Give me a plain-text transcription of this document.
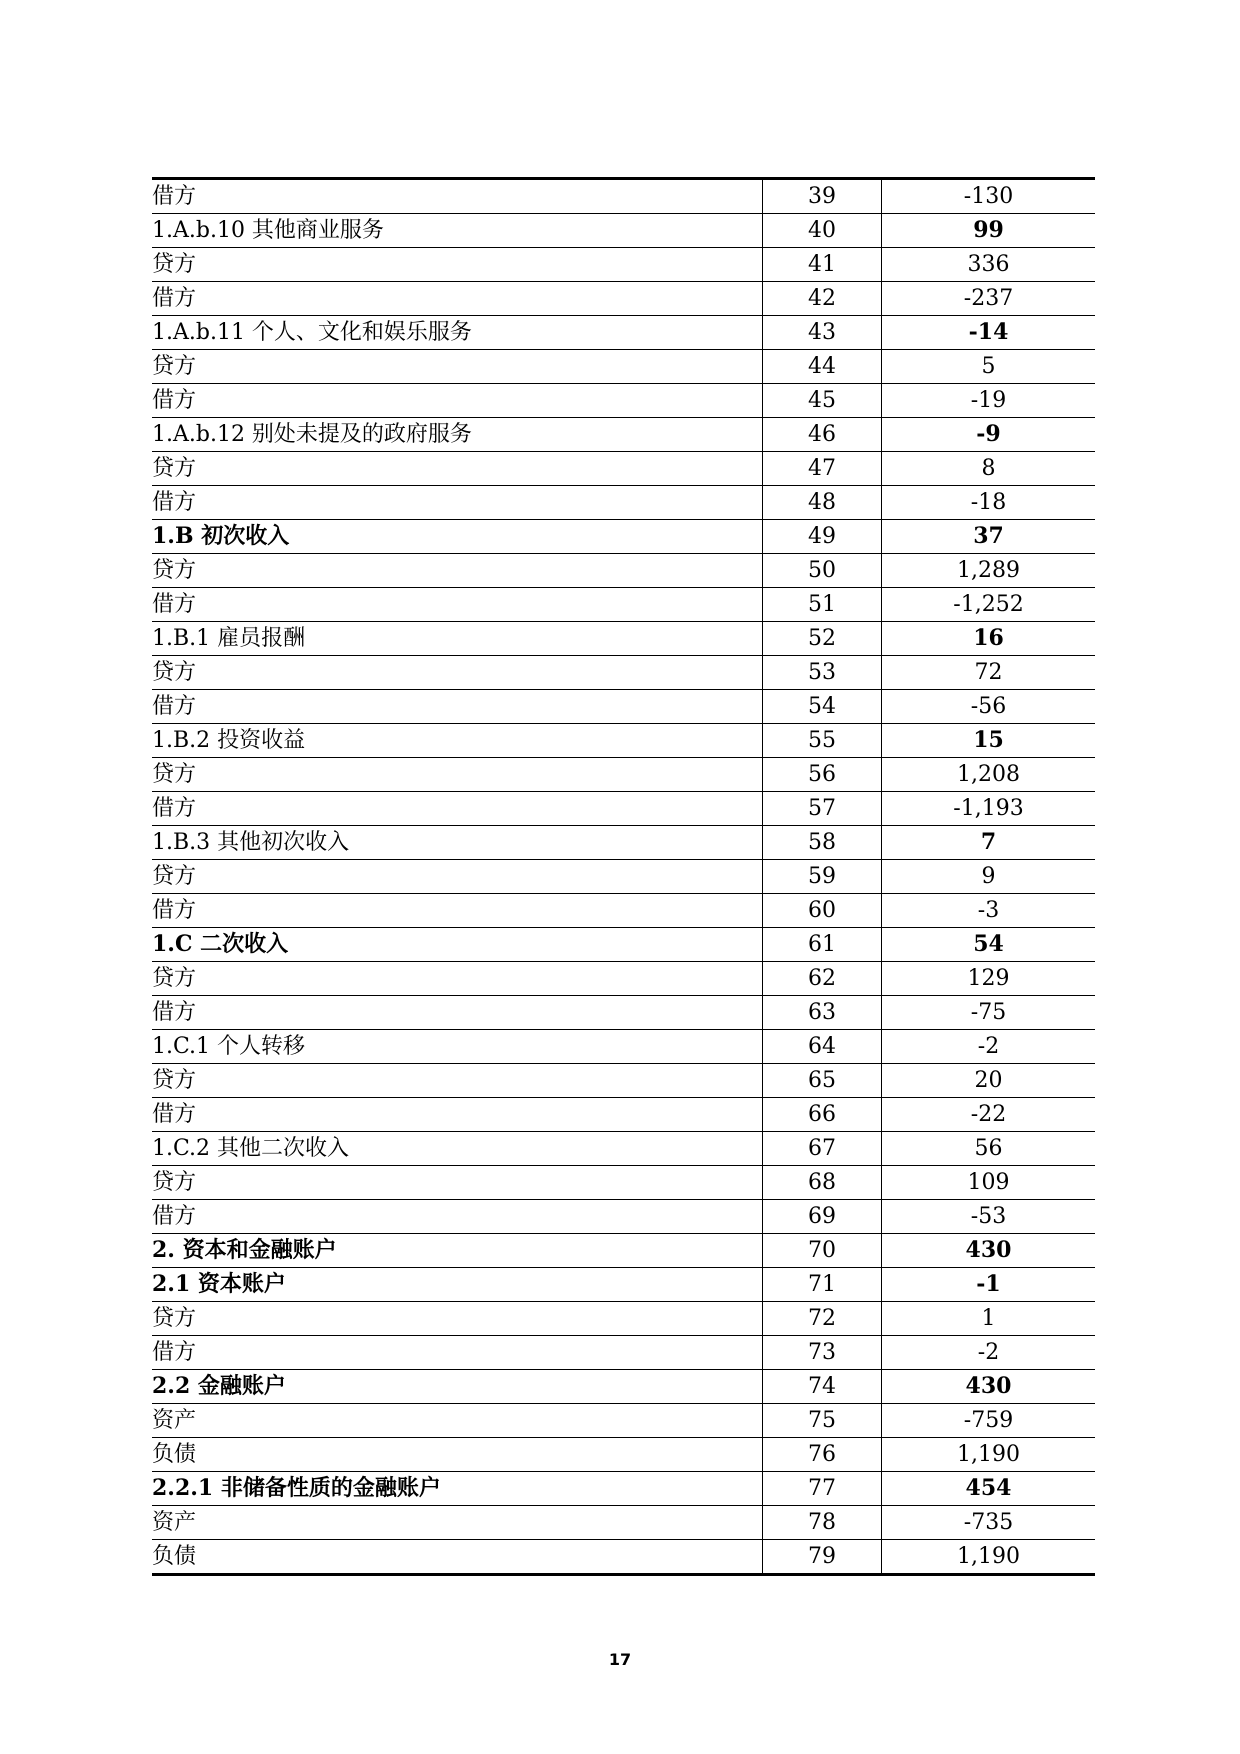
借方	39	-130
1.A.b.10 其他商业服务	40	99
贷方	41	336
借方	42	-237
1.A.b.11 个人、文化和娱乐服务	43	-14
贷方	44	5
借方	45	-19
1.A.b.12 别处未提及的政府服务	46	-9
贷方	47	8
借方	48	-18
1.B 初次收入	49	37
贷方	50	1,289
借方	51	-1,252
1.B.1 雇员报酬	52	16
贷方	53	72
借方	54	-56
1.B.2 投资收益	55	15
贷方	56	1,208
借方	57	-1,193
1.B.3 其他初次收入	58	7
贷方	59	9
借方	60	-3
1.C 二次收入	61	54
贷方	62	129
借方	63	-75
1.C.1 个人转移	64	-2
贷方	65	20
借方	66	-22
1.C.2 其他二次收入	67	56
贷方	68	109
借方	69	-53
2. 资本和金融账户	70	430
2.1 资本账户	71	-1
贷方	72	1
借方	73	-2
2.2 金融账户	74	430
资产	75	-759
负债	76	1,190
2.2.1 非储备性质的金融账户	77	454
资产	78	-735
负债	79	1,190
17
